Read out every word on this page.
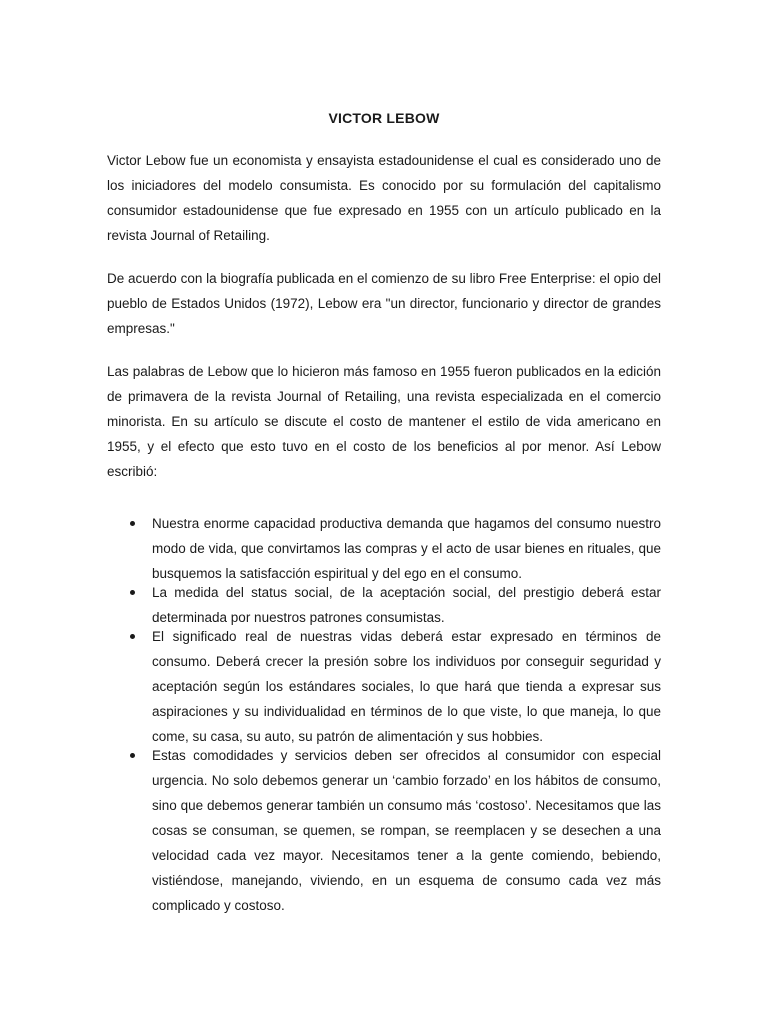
VICTOR LEBOW

Victor Lebow fue un economista y ensayista estadounidense el cual es considerado uno de los iniciadores del modelo consumista. Es conocido por su formulación del capitalismo consumidor estadounidense que fue expresado en 1955 con un artículo publicado en la revista Journal of Retailing.

De acuerdo con la biografía publicada en el comienzo de su libro Free Enterprise: el opio del pueblo de Estados Unidos (1972), Lebow era "un director, funcionario y director de grandes empresas."

Las palabras de Lebow que lo hicieron más famoso en 1955 fueron publicados en la edición de primavera de la revista Journal of Retailing, una revista especializada en el comercio minorista. En su artículo se discute el costo de mantener el estilo de vida americano en 1955, y el efecto que esto tuvo en el costo de los beneficios al por menor. Así Lebow escribió:

Nuestra enorme capacidad productiva demanda que hagamos del consumo nuestro modo de vida, que convirtamos las compras y el acto de usar bienes en rituales, que busquemos la satisfacción espiritual y del ego en el consumo.
La medida del status social, de la aceptación social, del prestigio deberá estar determinada por nuestros patrones consumistas.
El significado real de nuestras vidas deberá estar expresado en términos de consumo. Deberá crecer la presión sobre los individuos por conseguir seguridad y aceptación según los estándares sociales, lo que hará que tienda a expresar sus aspiraciones y su individualidad en términos de lo que viste, lo que maneja, lo que come, su casa, su auto, su patrón de alimentación y sus hobbies.
Estas comodidades y servicios deben ser ofrecidos al consumidor con especial urgencia. No solo debemos generar un ‘cambio forzado’ en los hábitos de consumo, sino que debemos generar también un consumo más ‘costoso’. Necesitamos que las cosas se consuman, se quemen, se rompan, se reemplacen y se desechen a una velocidad cada vez mayor. Necesitamos tener a la gente comiendo, bebiendo, vistiéndose, manejando, viviendo, en un esquema de consumo cada vez más complicado y costoso.
